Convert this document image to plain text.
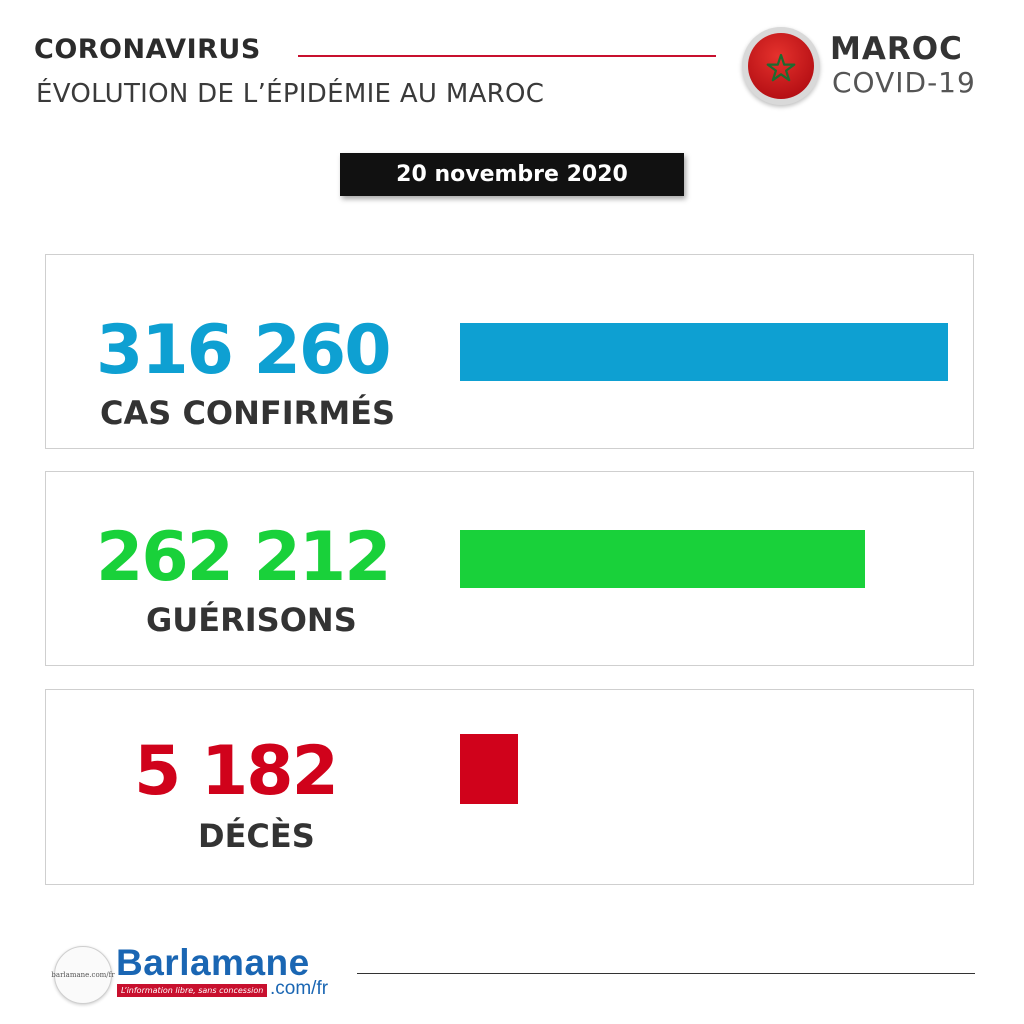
CORONAVIRUS
ÉVOLUTION DE L’ÉPIDÉMIE AU MAROC
MAROC
COVID-19
20 novembre 2020
316 260
CAS CONFIRMÉS
262 212
GUÉRISONS
5 182
DÉCÈS
barlamane.com/fr Barlamane
L’information libre, sans concession .com/fr
